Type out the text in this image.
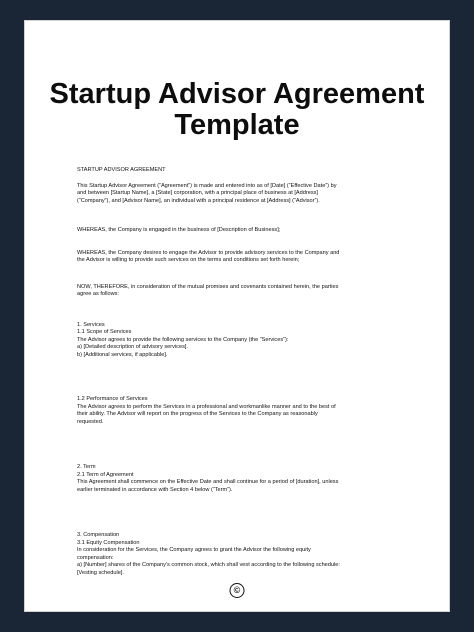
Startup Advisor Agreement
Template
STARTUP ADVISOR AGREEMENT
This Startup Advisor Agreement (“Agreement”) is made and entered into as of [Date] (“Effective Date”) by
and between [Startup Name], a [State] corporation, with a principal place of business at [Address]
(“Company”), and [Advisor Name], an individual with a principal residence at [Address] (“Advisor”).
WHEREAS, the Company is engaged in the business of [Description of Business];
WHEREAS, the Company desires to engage the Advisor to provide advisory services to the Company and
the Advisor is willing to provide such services on the terms and conditions set forth herein;
NOW, THEREFORE, in consideration of the mutual promises and covenants contained herein, the parties
agree as follows:
1. Services
1.1 Scope of Services
The Advisor agrees to provide the following services to the Company (the “Services”):
a) [Detailed description of advisory services].
b) [Additional services, if applicable].
1.2 Performance of Services
The Advisor agrees to perform the Services in a professional and workmanlike manner and to the best of
their ability. The Advisor will report on the progress of the Services to the Company as reasonably
requested.
2. Term
2.1 Term of Agreement
This Agreement shall commence on the Effective Date and shall continue for a period of [duration], unless
earlier terminated in accordance with Section 4 below (“Term”).
3. Compensation
3.1 Equity Compensation
In consideration for the Services, the Company agrees to grant the Advisor the following equity
compensation:
a) [Number] shares of the Company’s common stock, which shall vest according to the following schedule:
[Vesting schedule].
©
